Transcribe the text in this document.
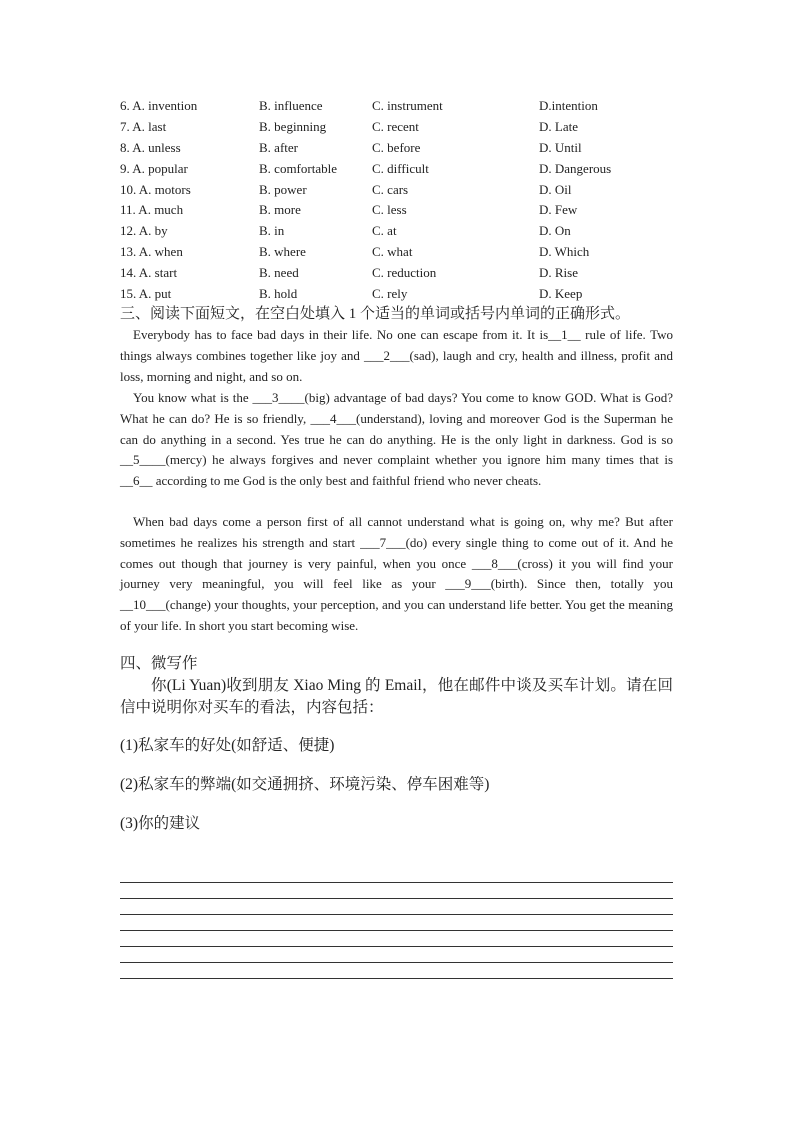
6. A. invention	B. influence	C. instrument	D.intention
7. A. last	B. beginning	C. recent	D. Late
8. A. unless	B. after	C. before	D. Until
9. A. popular	B. comfortable	C. difficult	D. Dangerous
10. A. motors	B. power	C. cars	D. Oil
11. A. much	B. more	C. less	D. Few
12. A. by	B. in	C. at	D. On
13. A. when	B. where	C. what	D. Which
14. A. start	B. need	C. reduction	D. Rise
15. A. put	B. hold	C. rely	D. Keep
三、阅读下面短文，在空白处填入 1 个适当的单词或括号内单词的正确形式。

Everybody has to face bad days in their life. No one can escape from it. It is__1__ rule of life. Two things always combines together like joy and ___2___(sad), laugh and cry, health and illness, profit and loss, morning and night, and so on.

You know what is the ___3____(big) advantage of bad days? You come to know GOD. What is God? What he can do? He is so friendly, ___4___(understand), loving and moreover God is the Superman he can do anything in a second. Yes true he can do anything. He is the only light in darkness. God is so __5____(mercy) he always forgives and never complaint whether you ignore him many times that is __6__ according to me God is the only best and faithful friend who never cheats.

When bad days come a person first of all cannot understand what is going on, why me? But after sometimes he realizes his strength and start ___7___(do) every single thing to come out of it. And he comes out though that journey is very painful, when you once ___8___(cross) it you will find your journey very meaningful, you will feel like as your ___9___(birth). Since then, totally you __10___(change) your thoughts, your perception, and you can understand life better. You get the meaning of your life. In short you start becoming wise.

四、微写作

你(Li Yuan)收到朋友 Xiao Ming 的 Email，他在邮件中谈及买车计划。请在回信中说明你对买车的看法，内容包括：

(1)私家车的好处(如舒适、便捷)
(2)私家车的弊端(如交通拥挤、环境污染、停车困难等)
(3)你的建议
